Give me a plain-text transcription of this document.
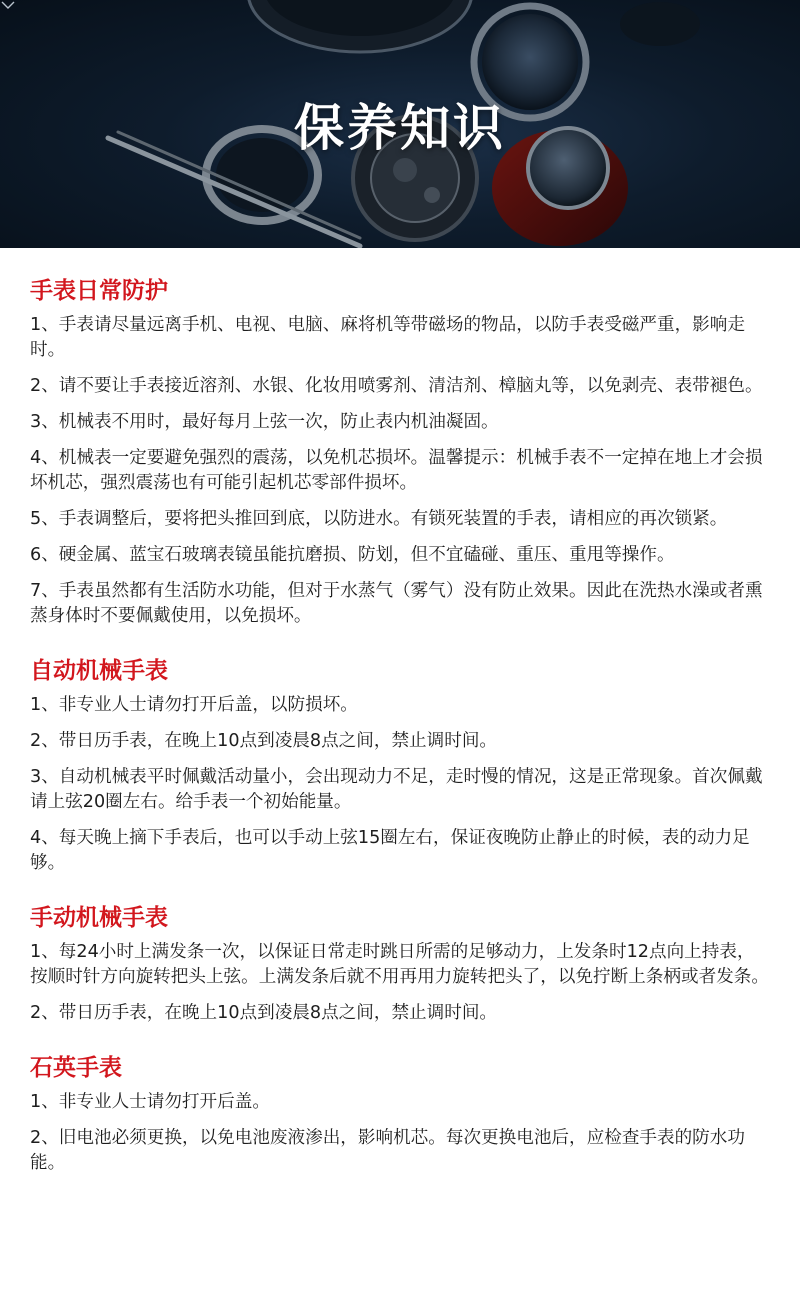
保养知识
手表日常防护

1、手表请尽量远离手机、电视、电脑、麻将机等带磁场的物品，以防手表受磁严重，影响走时。

2、请不要让手表接近溶剂、水银、化妆用喷雾剂、清洁剂、樟脑丸等，以免剥壳、表带褪色。

3、机械表不用时，最好每月上弦一次，防止表内机油凝固。

4、机械表一定要避免强烈的震荡，以免机芯损坏。温馨提示：机械手表不一定掉在地上才会损坏机芯，强烈震荡也有可能引起机芯零部件损坏。

5、手表调整后，要将把头推回到底，以防进水。有锁死装置的手表，请相应的再次锁紧。

6、硬金属、蓝宝石玻璃表镜虽能抗磨损、防划，但不宜磕碰、重压、重甩等操作。

7、手表虽然都有生活防水功能，但对于水蒸气（雾气）没有防止效果。因此在洗热水澡或者熏蒸身体时不要佩戴使用，以免损坏。

自动机械手表

1、非专业人士请勿打开后盖，以防损坏。

2、带日历手表，在晚上10点到凌晨8点之间，禁止调时间。

3、自动机械表平时佩戴活动量小，会出现动力不足，走时慢的情况，这是正常现象。首次佩戴请上弦20圈左右。给手表一个初始能量。

4、每天晚上摘下手表后，也可以手动上弦15圈左右，保证夜晚防止静止的时候，表的动力足够。

手动机械手表

1、每24小时上满发条一次，以保证日常走时跳日所需的足够动力，上发条时12点向上持表，按顺时针方向旋转把头上弦。上满发条后就不用再用力旋转把头了，以免拧断上条柄或者发条。

2、带日历手表，在晚上10点到凌晨8点之间，禁止调时间。

石英手表

1、非专业人士请勿打开后盖。

2、旧电池必须更换，以免电池废液渗出，影响机芯。每次更换电池后，应检查手表的防水功能。
